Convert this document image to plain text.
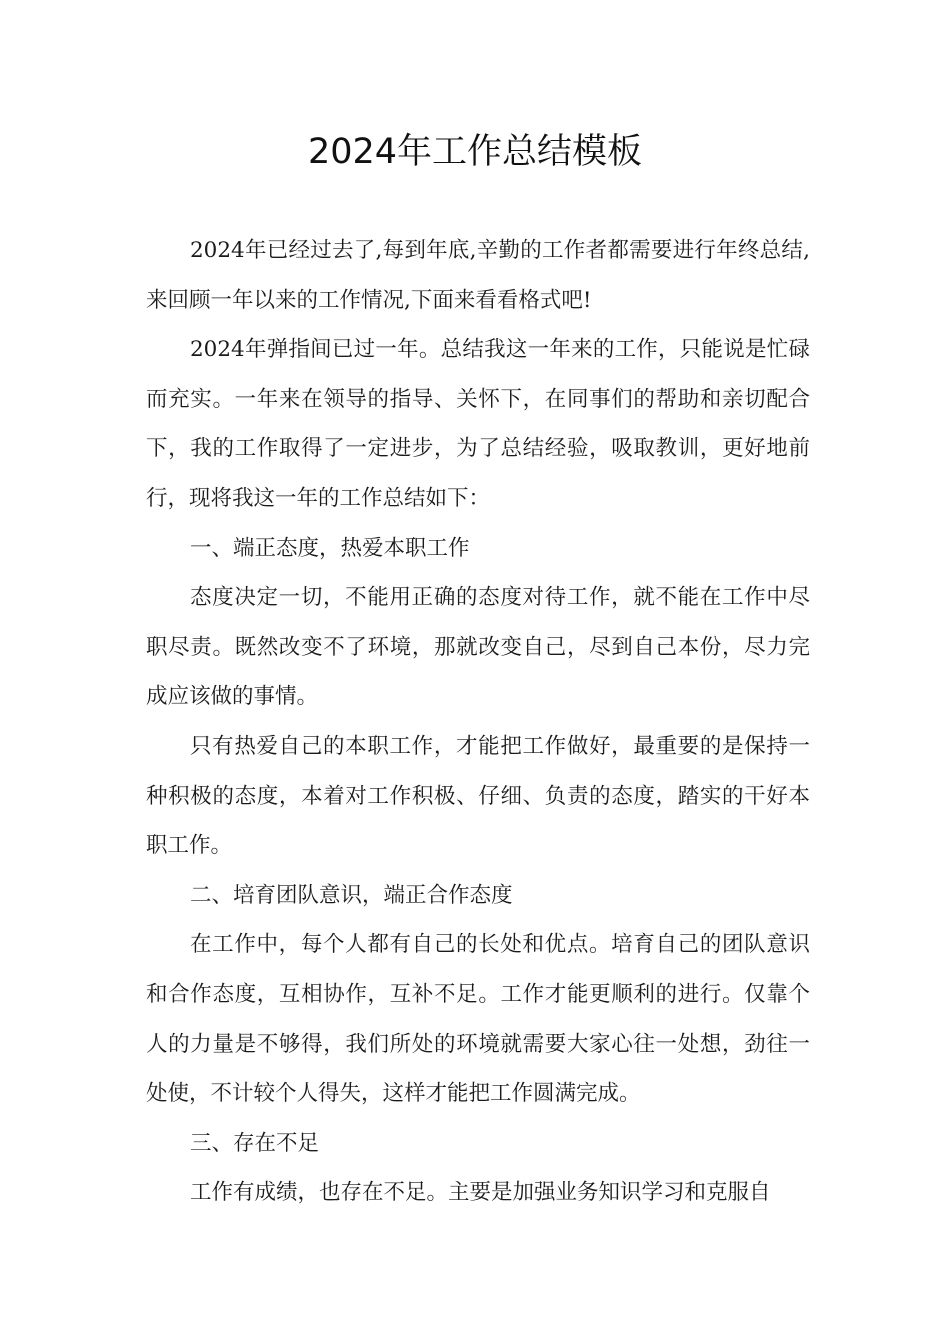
2024年工作总结模板

2024年已经过去了,每到年底,辛勤的工作者都需要进行年终总结,来回顾一年以来的工作情况,下面来看看格式吧!

2024年弹指间已过一年。总结我这一年来的工作，只能说是忙碌而充实。一年来在领导的指导、关怀下，在同事们的帮助和亲切配合下，我的工作取得了一定进步，为了总结经验，吸取教训，更好地前行，现将我这一年的工作总结如下：

一、端正态度，热爱本职工作

态度决定一切，不能用正确的态度对待工作，就不能在工作中尽职尽责。既然改变不了环境，那就改变自己，尽到自己本份，尽力完成应该做的事情。

只有热爱自己的本职工作，才能把工作做好，最重要的是保持一种积极的态度，本着对工作积极、仔细、负责的态度，踏实的干好本职工作。

二、培育团队意识，端正合作态度

在工作中，每个人都有自己的长处和优点。培育自己的团队意识和合作态度，互相协作，互补不足。工作才能更顺利的进行。仅靠个人的力量是不够得，我们所处的环境就需要大家心往一处想，劲往一处使，不计较个人得失，这样才能把工作圆满完成。

三、存在不足

工作有成绩，也存在不足。主要是加强业务知识学习和克服自
